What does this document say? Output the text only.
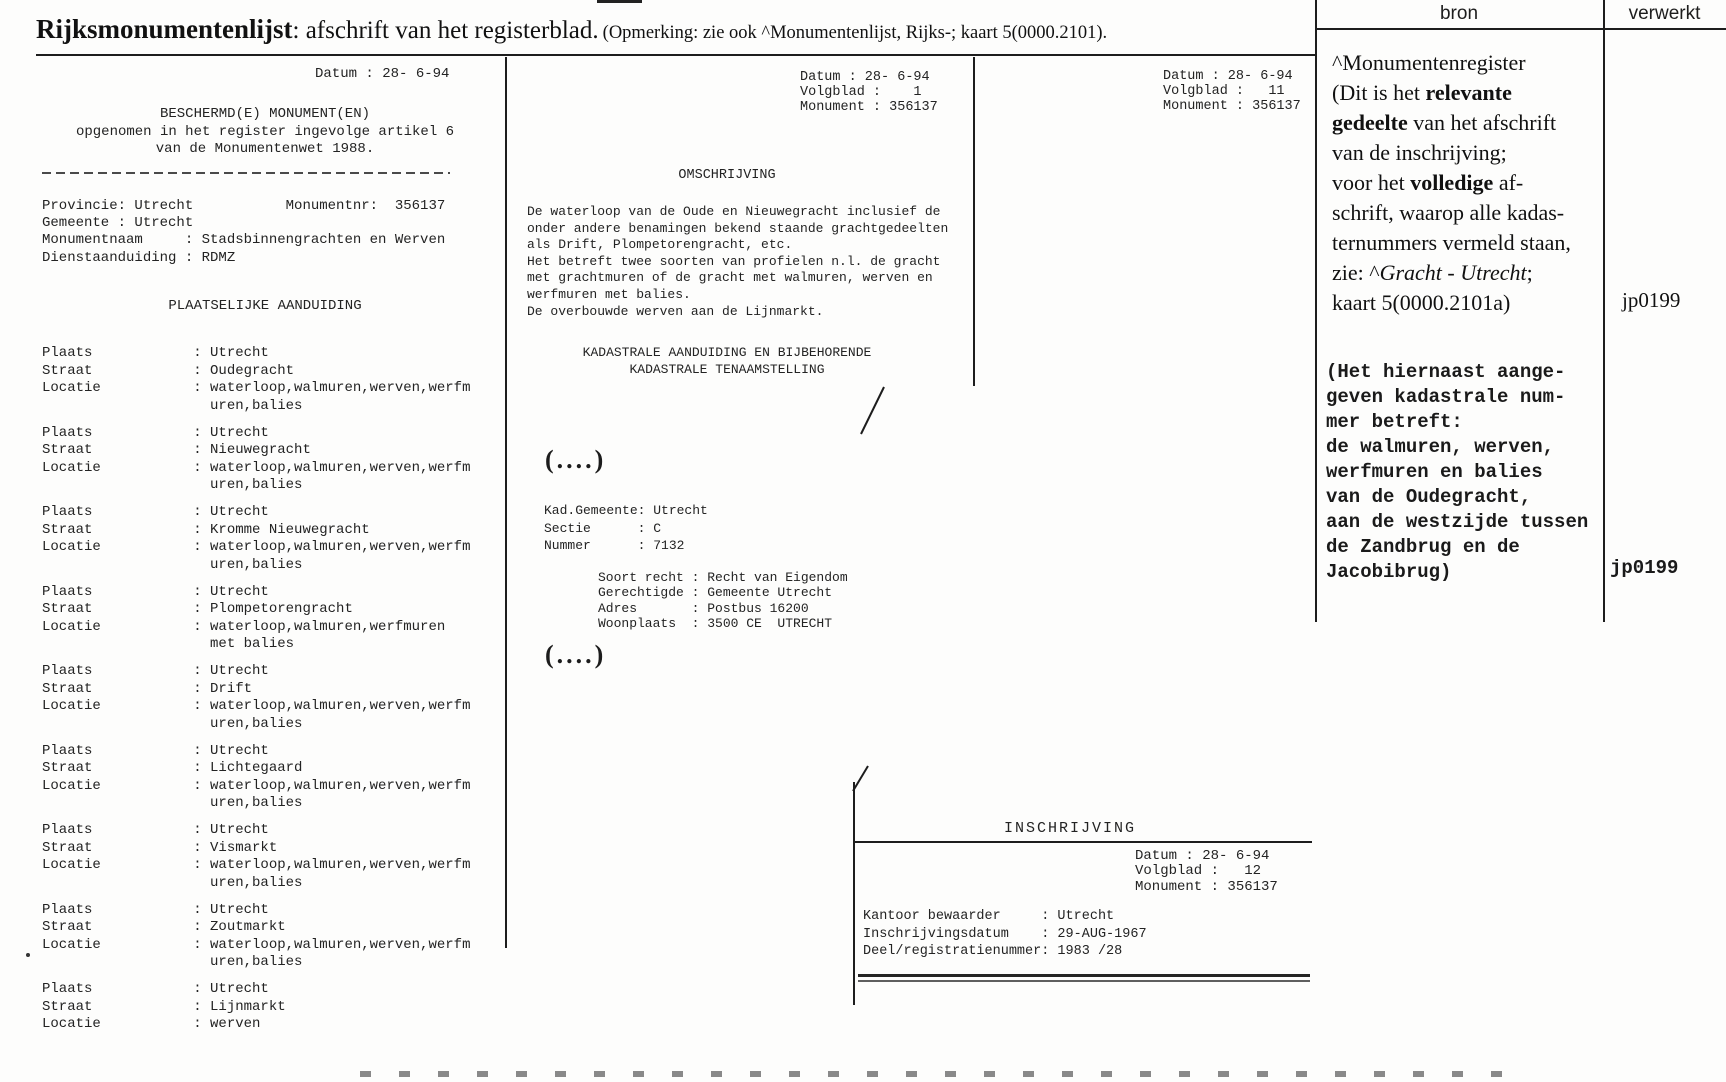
Rijksmonumentenlijst: afschrift van het registerblad. (Opmerking: zie ook ^Monumentenlijst, Rijks-; kaart 5(0000.2101).
Datum : 28- 6-94
BESCHERMD(E) MONUMENT(EN)
opgenomen in het register ingevolge artikel 6
van de Monumentenwet 1988.
Provincie: Utrecht           Monumentnr:  356137
Gemeente : Utrecht
Monumentnaam     : Stadsbinnengrachten en Werven
Dienstaanduiding : RDMZ
PLAATSELIJKE AANDUIDING
Plaats            : Utrecht
Straat            : Oudegracht
Locatie           : waterloop,walmuren,werven,werfm
uren,balies
Plaats            : Utrecht
Straat            : Nieuwegracht
Locatie           : waterloop,walmuren,werven,werfm
uren,balies
Plaats            : Utrecht
Straat            : Kromme Nieuwegracht
Locatie           : waterloop,walmuren,werven,werfm
uren,balies
Plaats            : Utrecht
Straat            : Plompetorengracht
Locatie           : waterloop,walmuren,werfmuren
met balies
Plaats            : Utrecht
Straat            : Drift
Locatie           : waterloop,walmuren,werven,werfm
uren,balies
Plaats            : Utrecht
Straat            : Lichtegaard
Locatie           : waterloop,walmuren,werven,werfm
uren,balies
Plaats            : Utrecht
Straat            : Vismarkt
Locatie           : waterloop,walmuren,werven,werfm
uren,balies
Plaats            : Utrecht
Straat            : Zoutmarkt
Locatie           : waterloop,walmuren,werven,werfm
uren,balies
Plaats            : Utrecht
Straat            : Lijnmarkt
Locatie           : werven
Datum : 28- 6-94
Volgblad :    1
Monument : 356137
OMSCHRIJVING
De waterloop van de Oude en Nieuwegracht inclusief de
onder andere benamingen bekend staande grachtgedeelten
als Drift, Plompetorengracht, etc.
Het betreft twee soorten van profielen n.l. de gracht
met grachtmuren of de gracht met walmuren, werven en
werfmuren met balies.
De overbouwde werven aan de Lijnmarkt.
KADASTRALE AANDUIDING EN BIJBEHORENDE
KADASTRALE TENAAMSTELLING
(....)
Kad.Gemeente: Utrecht
Sectie      : C
Nummer      : 7132
Soort recht : Recht van Eigendom
Gerechtigde : Gemeente Utrecht
Adres       : Postbus 16200
Woonplaats  : 3500 CE  UTRECHT
(....)
Datum : 28- 6-94
Volgblad :   11
Monument : 356137
INSCHRIJVING
Datum : 28- 6-94
Volgblad :   12
Monument : 356137
Kantoor bewaarder     : Utrecht
Inschrijvingsdatum    : 29-AUG-1967
Deel/registratienummer: 1983 /28
bron	verwerkt
^Monumentenregister
(Dit is het relevante
gedeelte van het afschrift
van de inschrijving;
voor het volledige af-
schrift, waarop alle kadas-
ternummers vermeld staan,
zie: ^Gracht - Utrecht;
kaart 5(0000.2101a)	jp0199
(Het hiernaast aange-
geven kadastrale num-
mer betreft:
de walmuren, werven,
werfmuren en balies
van de Oudegracht,
aan de westzijde tussen
de Zandbrug en de
Jacobibrug)	jp0199
